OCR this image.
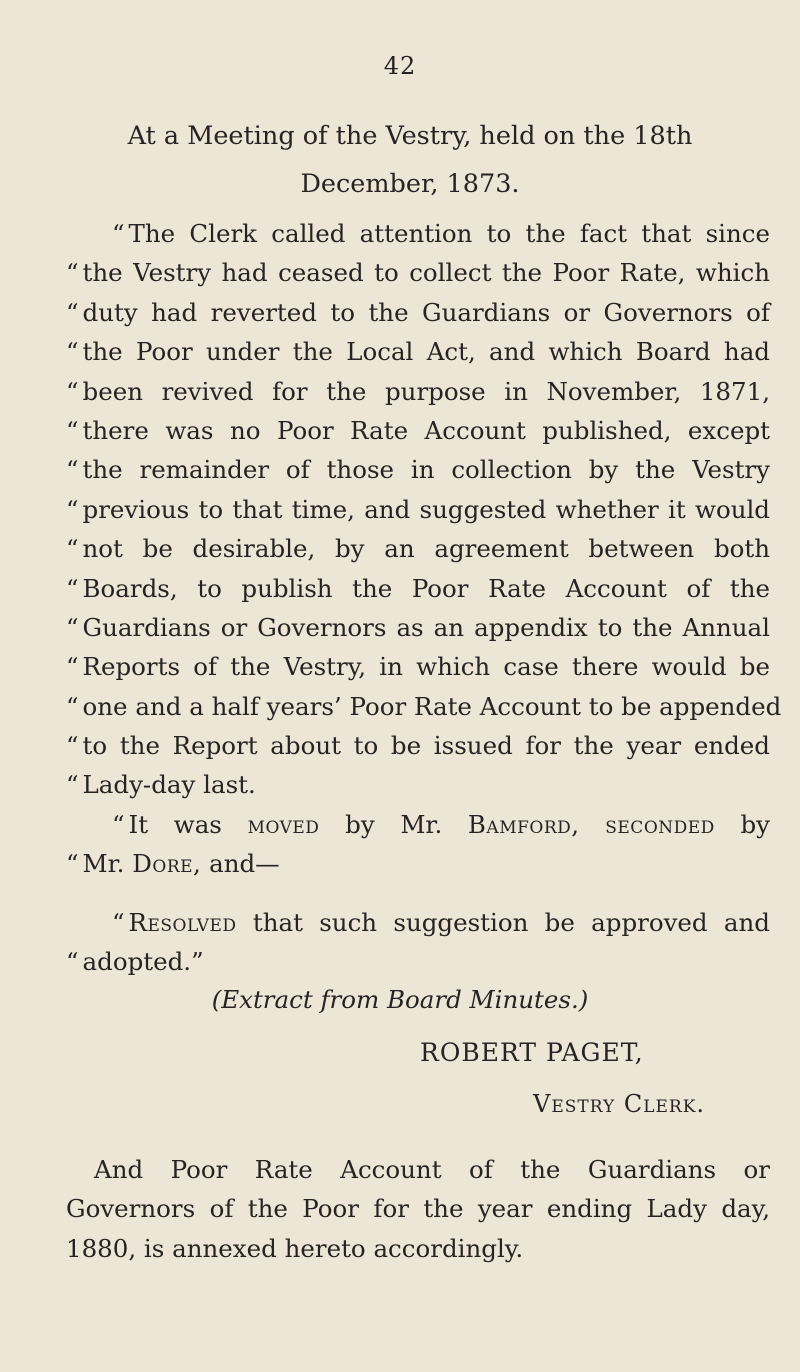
42
At a Meeting of the Vestry, held on the 18th
December, 1873.
“ The Clerk called attention to the fact that since
“ the Vestry had ceased to collect the Poor Rate, which
“ duty had reverted to the Guardians or Governors of
“ the Poor under the Local Act, and which Board had
“ been revived for the purpose in November, 1871,
“ there was no Poor Rate Account published, except
“ the remainder of those in collection by the Vestry
“ previous to that time, and suggested whether it would
“ not be desirable, by an agreement between both
“ Boards, to publish the Poor Rate Account of the
“ Guardians or Governors as an appendix to the Annual
“ Reports of the Vestry, in which case there would be
“ one and a half years’ Poor Rate Account to be appended
“ to the Report about to be issued for the year ended
“ Lady-day last.
“ It was moved by Mr. Bamford, seconded by
“ Mr. Dore, and—
“ Resolved that such suggestion be approved and
“ adopted.”
(Extract from Board Minutes.)
ROBERT PAGET,
Vestry Clerk.
And Poor Rate Account of the Guardians or
Governors of the Poor for the year ending Lady day,
1880, is annexed hereto accordingly.
